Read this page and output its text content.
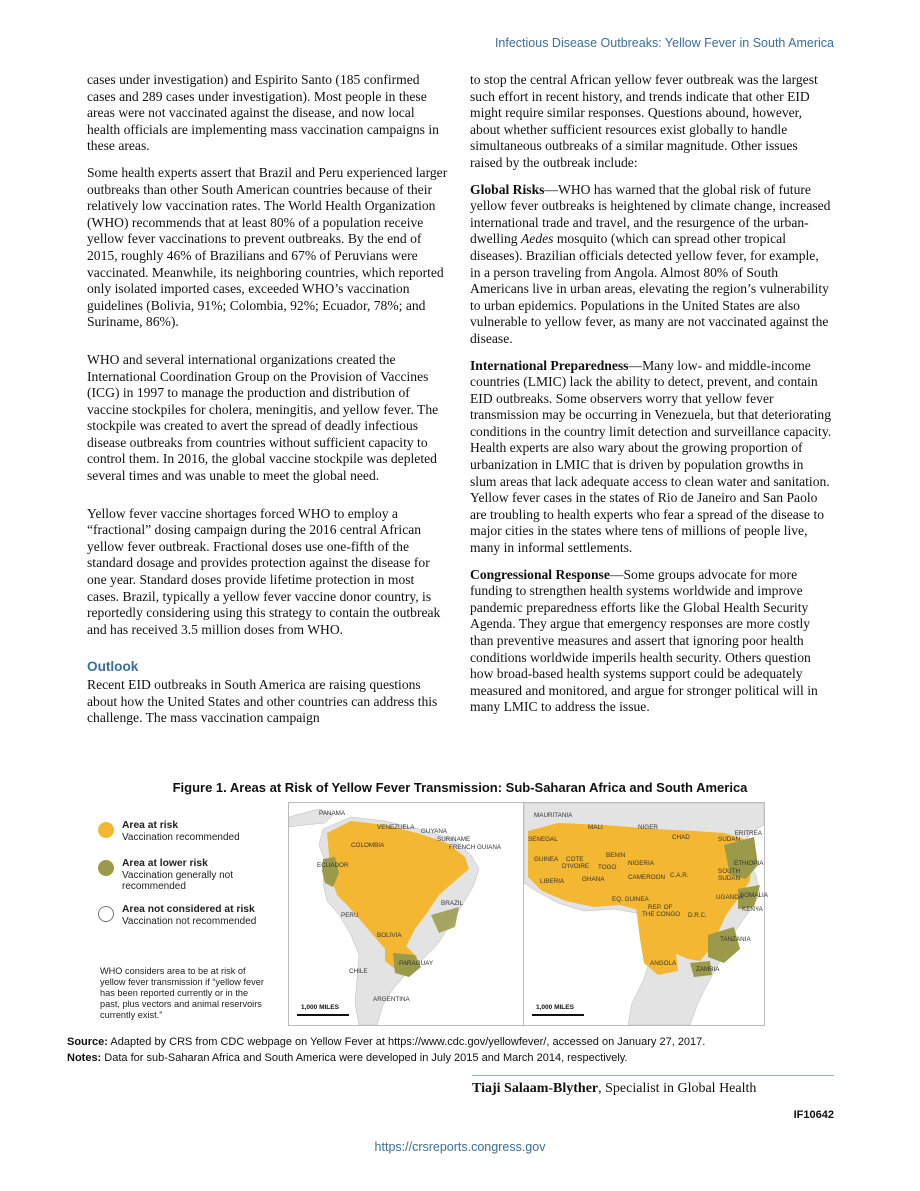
Infectious Disease Outbreaks: Yellow Fever in South America

cases under investigation) and Espirito Santo (185 confirmed cases and 289 cases under investigation). Most people in these areas were not vaccinated against the disease, and now local health officials are implementing mass vaccination campaigns in these areas.

Some health experts assert that Brazil and Peru experienced larger outbreaks than other South American countries because of their relatively low vaccination rates. The World Health Organization (WHO) recommends that at least 80% of a population receive yellow fever vaccinations to prevent outbreaks. By the end of 2015, roughly 46% of Brazilians and 67% of Peruvians were vaccinated. Meanwhile, its neighboring countries, which reported only isolated imported cases, exceeded WHO’s vaccination guidelines (Bolivia, 91%; Colombia, 92%; Ecuador, 78%; and Suriname, 86%).

WHO and several international organizations created the International Coordination Group on the Provision of Vaccines (ICG) in 1997 to manage the production and distribution of vaccine stockpiles for cholera, meningitis, and yellow fever. The stockpile was created to avert the spread of deadly infectious disease outbreaks from countries without sufficient capacity to control them. In 2016, the global vaccine stockpile was depleted several times and was unable to meet the global need.

Yellow fever vaccine shortages forced WHO to employ a “fractional” dosing campaign during the 2016 central African yellow fever outbreak. Fractional doses use one-fifth of the standard dosage and provides protection against the disease for one year. Standard doses provide lifetime protection in most cases. Brazil, typically a yellow fever vaccine donor country, is reportedly considering using this strategy to contain the outbreak and has received 3.5 million doses from WHO.

Outlook

Recent EID outbreaks in South America are raising questions about how the United States and other countries can address this challenge. The mass vaccination campaign

to stop the central African yellow fever outbreak was the largest such effort in recent history, and trends indicate that other EID might require similar responses. Questions abound, however, about whether sufficient resources exist globally to handle simultaneous outbreaks of a similar magnitude. Other issues raised by the outbreak include:

Global Risks—WHO has warned that the global risk of future yellow fever outbreaks is heightened by climate change, increased international trade and travel, and the resurgence of the urban-dwelling Aedes mosquito (which can spread other tropical diseases). Brazilian officials detected yellow fever, for example, in a person traveling from Angola. Almost 80% of South Americans live in urban areas, elevating the region’s vulnerability to urban epidemics. Populations in the United States are also vulnerable to yellow fever, as many are not vaccinated against the disease.

International Preparedness—Many low- and middle-income countries (LMIC) lack the ability to detect, prevent, and contain EID outbreaks. Some observers worry that yellow fever transmission may be occurring in Venezuela, but that deteriorating conditions in the country limit detection and surveillance capacity. Health experts are also wary about the growing proportion of urbanization in LMIC that is driven by population growths in slum areas that lack adequate access to clean water and sanitation. Yellow fever cases in the states of Rio de Janeiro and San Paolo are troubling to health experts who fear a spread of the disease to major cities in the states where tens of millions of people live, many in informal settlements.

Congressional Response—Some groups advocate for more funding to strengthen health systems worldwide and improve pandemic preparedness efforts like the Global Health Security Agenda. They argue that emergency responses are more costly than preventive measures and assert that ignoring poor health conditions worldwide imperils health security. Others question how broad-based health systems support could be adequately measured and monitored, and argue for stronger political will in many LMIC to address the issue.

Figure 1. Areas at Risk of Yellow Fever Transmission: Sub-Saharan Africa and South America
Area at risk
Vaccination recommended
Area at lower risk
Vaccination generally not recommended
Area not considered at risk
Vaccination not recommended
WHO considers area to be at risk of yellow fever transmission if “yellow fever has been reported currently or in the past, plus vectors and animal reservoirs currently exist.”
PANAMA
VENEZUELA
GUYANA
SURINAME
FRENCH GUIANA
COLOMBIA
ECUADOR
BRAZIL
PERU
BOLIVIA
PARAGUAY
CHILE
ARGENTINA
1,000 MILES
MAURITANIA
MALI	NIGER
CHAD	SUDAN
ERITREA
SENEGAL
GUINEA COTE
D'IVOIRE
BENIN
TOGO
NIGERIA
SOUTH
SUDAN
ETHIOPIA
LIBERIA	GHANA	CAMEROON C.A.R.
SOMALIA
EQ. GUINEA	UGANDA
KENYA
REP. OF
THE CONGO D.R.C.
TANZANIA
ANGOLA
ZAMBIA
1,000 MILES
Source: Adapted by CRS from CDC webpage on Yellow Fever at https://www.cdc.gov/yellowfever/, accessed on January 27, 2017.
Notes: Data for sub-Saharan Africa and South America were developed in July 2015 and March 2014, respectively.
Tiaji Salaam-Blyther, Specialist in Global Health
IF10642
https://crsreports.congress.gov
